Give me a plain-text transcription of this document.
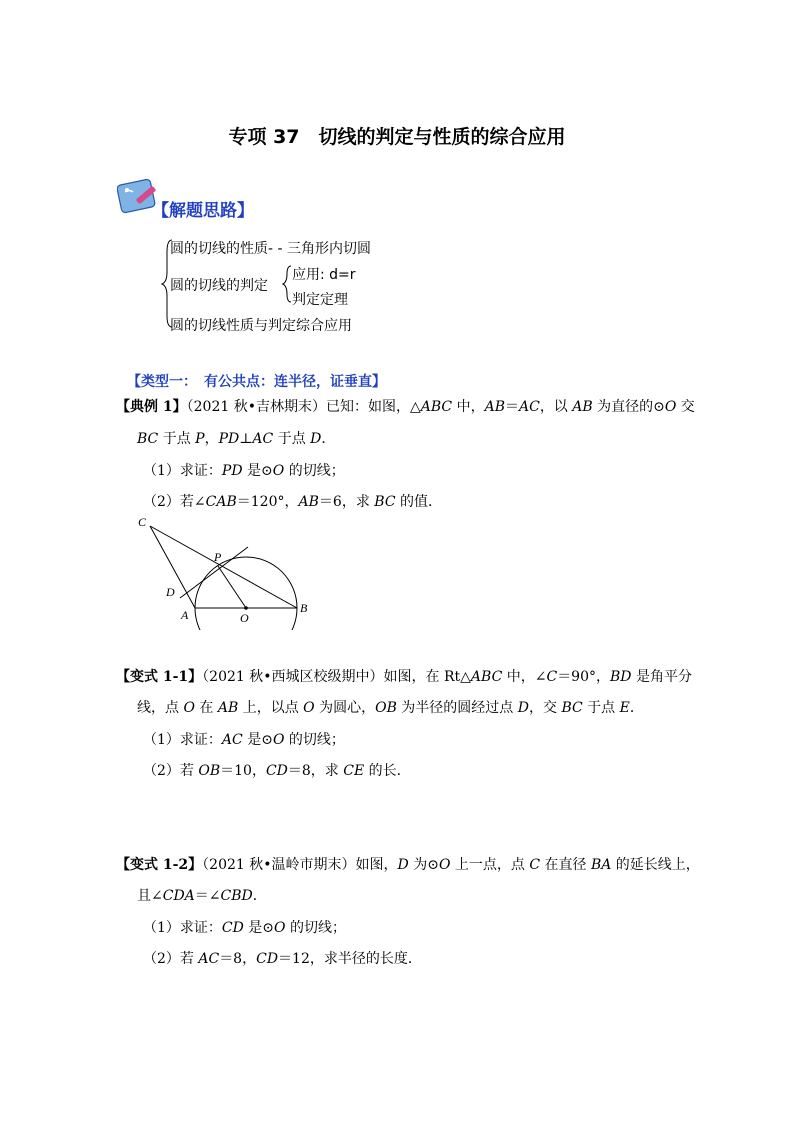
专项 37　切线的判定与性质的综合应用
【解题思路】
圆的切线的性质- - 三角形内切圆
圆的切线的判定
应用: d=r
判定定理
圆的切线性质与判定综合应用
【类型一：　有公共点：连半径，证垂直】
【典例 1】（2021 秋•吉林期末）已知：如图，△ABC 中，AB＝AC，以 AB 为直径的⊙O 交
BC 于点 P，PD⊥AC 于点 D．
（1）求证：PD 是⊙O 的切线；
（2）若∠CAB＝120°，AB＝6，求 BC 的值．
C
P
D
A	O
B
【变式 1-1】（2021 秋•西城区校级期中）如图，在 Rt△ABC 中，∠C＝90°，BD 是角平分
线，点 O 在 AB 上，以点 O 为圆心，OB 为半径的圆经过点 D，交 BC 于点 E．
（1）求证：AC 是⊙O 的切线；
（2）若 OB＝10，CD＝8，求 CE 的长．
【变式 1-2】（2021 秋•温岭市期末）如图，D 为⊙O 上一点，点 C 在直径 BA 的延长线上，
且∠CDA＝∠CBD．
（1）求证：CD 是⊙O 的切线；
（2）若 AC＝8，CD＝12，求半径的长度．
